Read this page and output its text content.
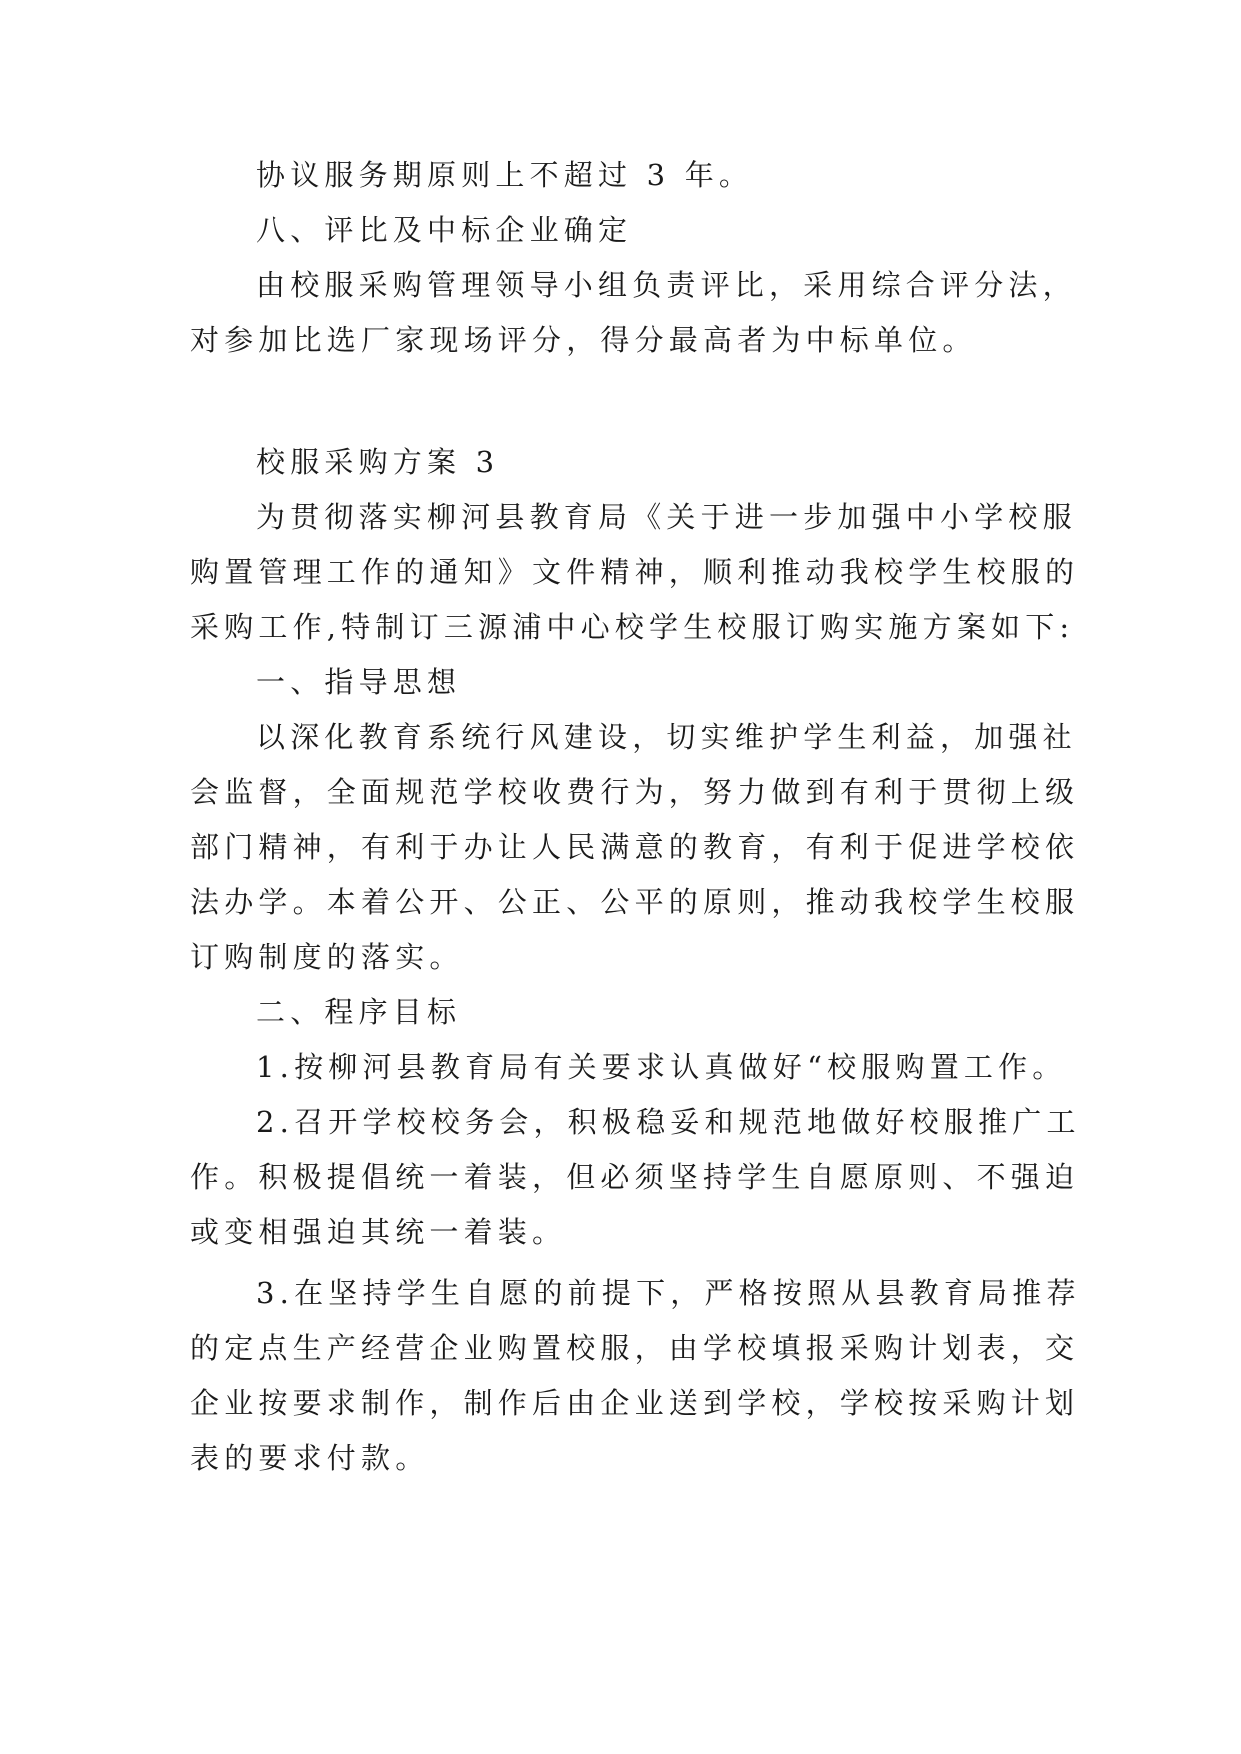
协议服务期原则上不超过 3 年。
八、评比及中标企业确定
由校服采购管理领导小组负责评比，采用综合评分法，
对参加比选厂家现场评分，得分最高者为中标单位。
校服采购方案 3
为贯彻落实柳河县教育局《关于进一步加强中小学校服
购置管理工作的通知》文件精神，顺利推动我校学生校服的
采购工作,特制订三源浦中心校学生校服订购实施方案如下:
一、指导思想
以深化教育系统行风建设，切实维护学生利益，加强社
会监督，全面规范学校收费行为，努力做到有利于贯彻上级
部门精神，有利于办让人民满意的教育，有利于促进学校依
法办学。本着公开、公正、公平的原则，推动我校学生校服
订购制度的落实。
二、程序目标
1.按柳河县教育局有关要求认真做好“校服购置工作。
2.召开学校校务会，积极稳妥和规范地做好校服推广工
作。积极提倡统一着装，但必须坚持学生自愿原则、不强迫
或变相强迫其统一着装。
3.在坚持学生自愿的前提下，严格按照从县教育局推荐
的定点生产经营企业购置校服，由学校填报采购计划表，交
企业按要求制作，制作后由企业送到学校，学校按采购计划
表的要求付款。
